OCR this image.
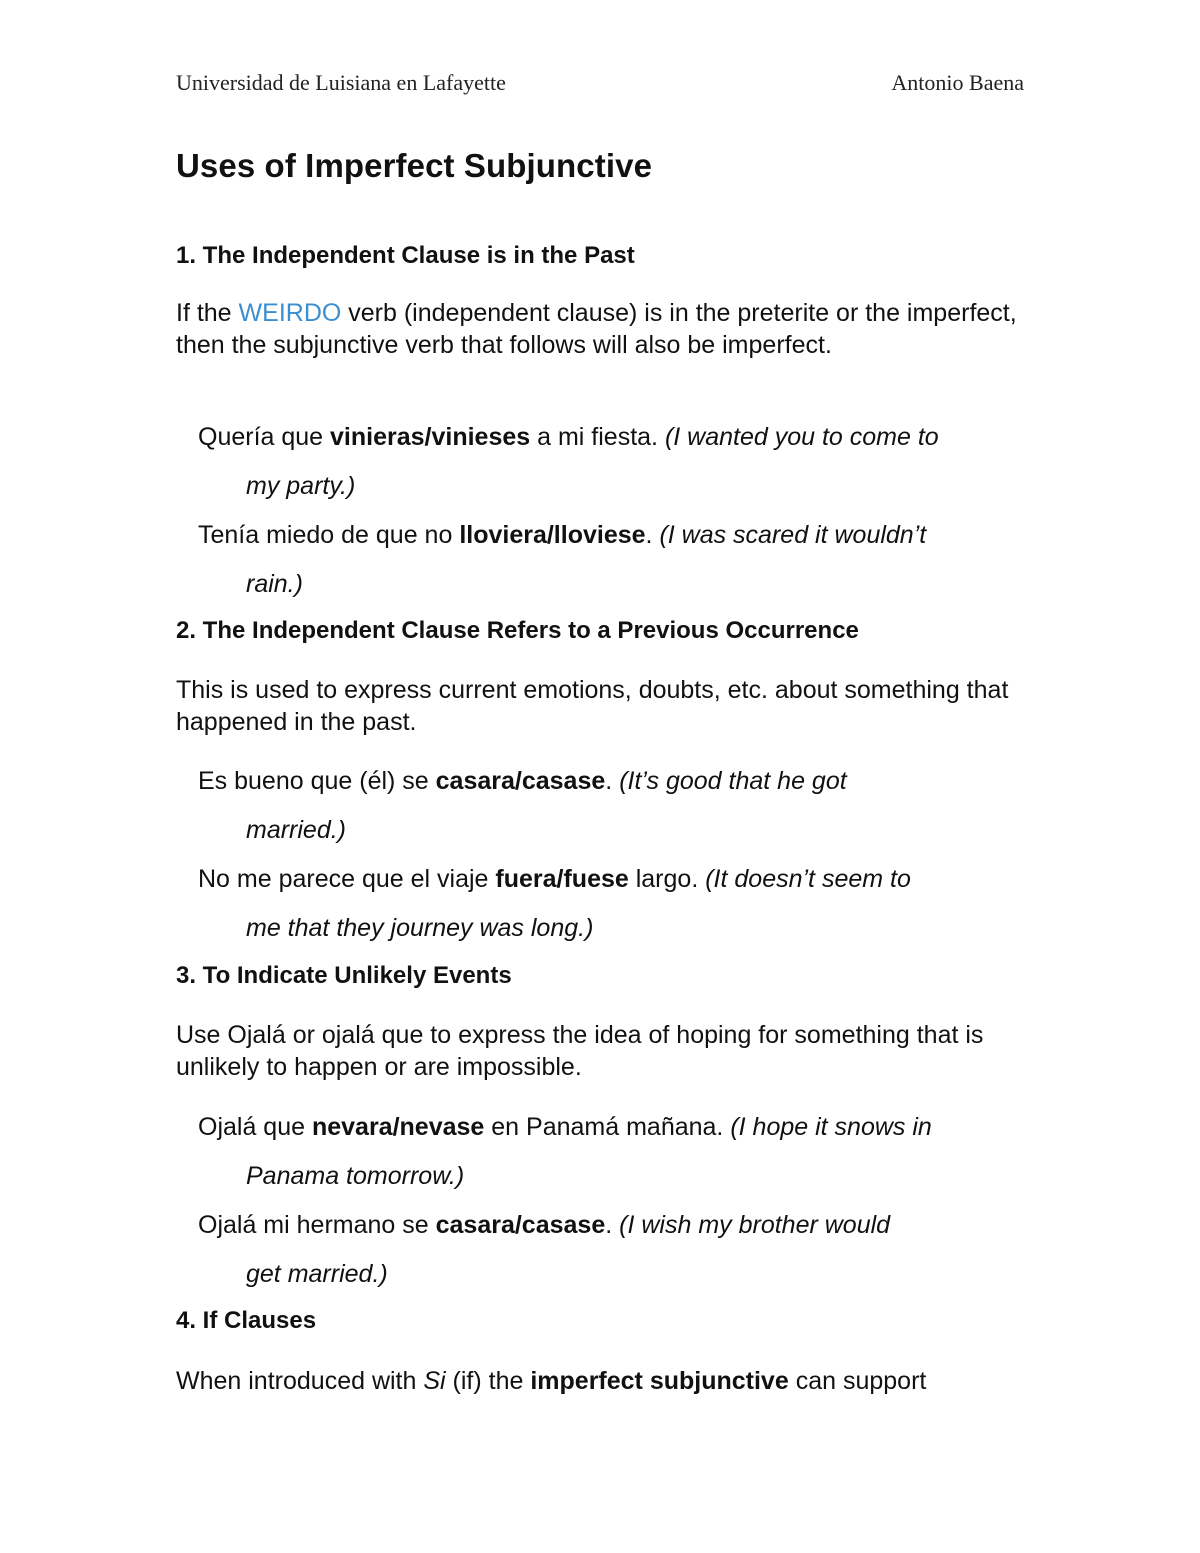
Universidad de Luisiana en Lafayette	Antonio Baena
Uses of Imperfect Subjunctive
1. The Independent Clause is in the Past

If the WEIRDO verb (independent clause) is in the preterite or the imperfect, then the subjunctive verb that follows will also be imperfect.

Quería que vinieras/vinieses a mi fiesta. (I wanted you to come to
my party.)

Tenía miedo de que no lloviera/lloviese. (I was scared it wouldn’t
rain.)

2. The Independent Clause Refers to a Previous Occurrence

This is used to express current emotions, doubts, etc. about something that happened in the past.

Es bueno que (él) se casara/casase. (It’s good that he got
married.)

No me parece que el viaje fuera/fuese largo. (It doesn’t seem to
me that they journey was long.)

3. To Indicate Unlikely Events

Use Ojalá or ojalá que to express the idea of hoping for something that is unlikely to happen or are impossible.

Ojalá que nevara/nevase en Panamá mañana. (I hope it snows in
Panama tomorrow.)

Ojalá mi hermano se casara/casase. (I wish my brother would
get married.)

4. If Clauses

When introduced with Si (if) the imperfect subjunctive can support
